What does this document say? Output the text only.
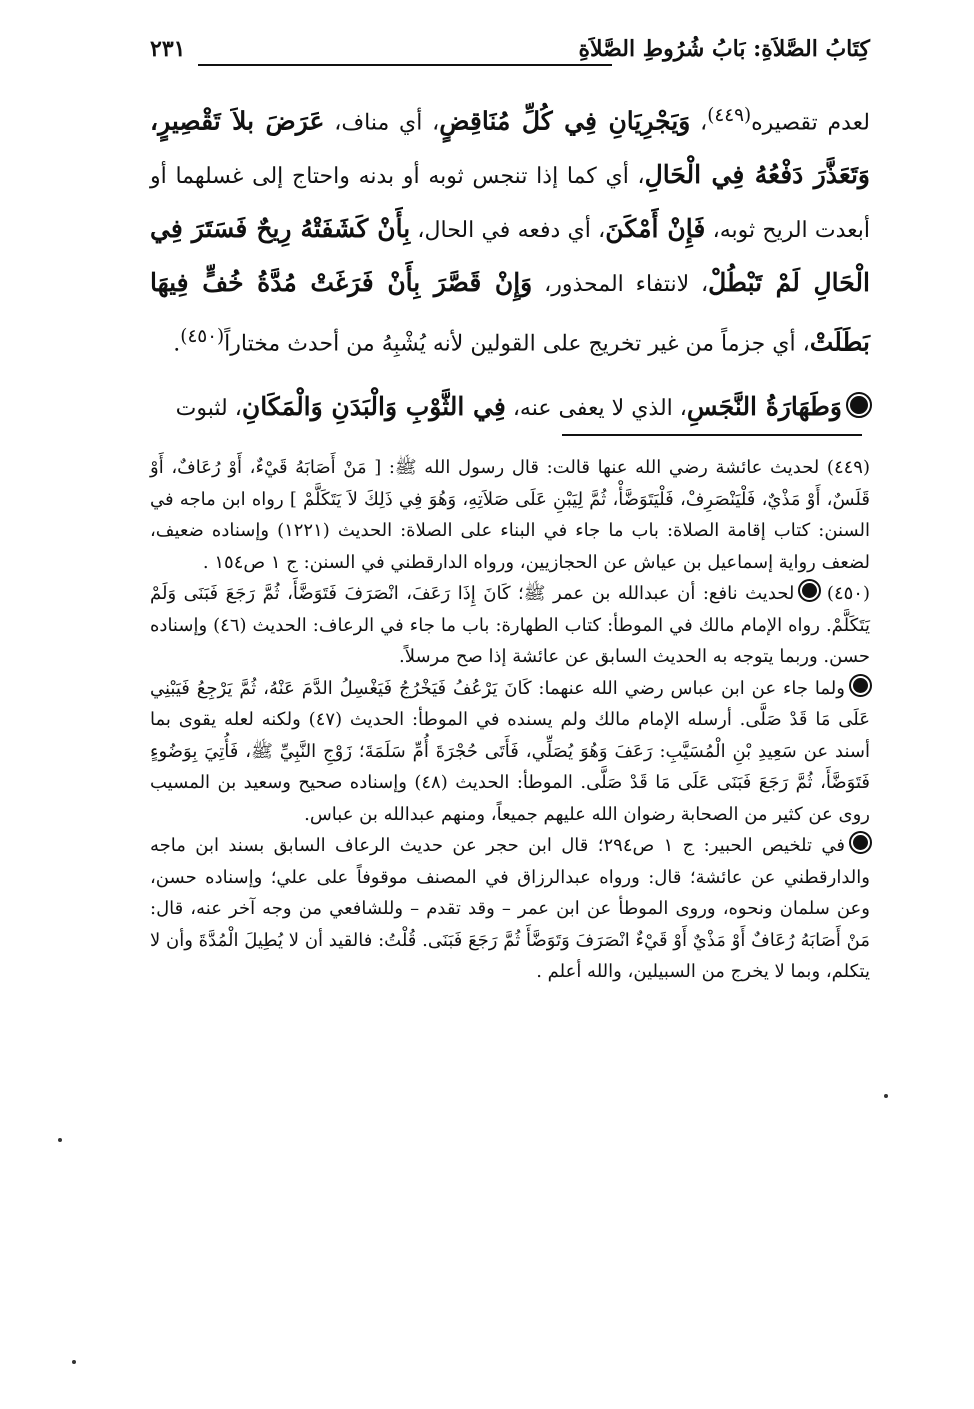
كِتَابُ الصَّلاَةِ: بَابُ شُرُوطِ الصَّلاَةِ
٢٣١

لعدم تقصيره$^{(٤٤٩)}$، وَيَجْرِيَانِ فِي كُلِّ مُنَاقِضٍ، أي مناف، عَرَضَ بلاَ تَقْصِيرٍ، وَتَعَذَّرَ دَفْعُهُ فِي الْحَالِ، أي كما إذا تنجس ثوبه أو بدنه واحتاج إلى غسلهما أو أبعدت الريح ثوبه، فَإِنْ أَمْكَنَ، أي دفعه في الحال، بِأَنْ كَشَفَتْهُ رِيحٌ فَسَتَرَ فِي الْحَالِ لَمْ تَبْطُلْ، لانتفاء المحذور، وَإِنْ قَصَّرَ بِأَنْ فَرَغَتْ مُدَّةُ خُفٍّ فِيهَا بَطَلَتْ، أي جزماً من غير تخريج على القولين لأنه يُشْبِهُ من أحدث مختاراً$^{(٤٥٠)}$.

وَطَهَارَةُ النَّجَسِ، الذي لا يعفى عنه، فِي الثَّوْبِ وَالْبَدَنِ وَالْمَكَانِ، لثبوت

(٤٤٩) لحديث عائشة رضي الله عنها قالت: قال رسول الله ﷺ: [ مَنْ أَصَابَهُ قَيْءٌ، أَوْ رُعَافٌ، أَوْ قَلَسٌ، أَوْ مَذْيٌ، فَلْيَنْصَرِفْ، فَلْيَتَوَضَّأْ، ثُمَّ لِيَبْنِ عَلَى صَلاَتِهِ، وَهُوَ فِي ذَلِكَ لاَ يَتَكَلَّمْ ] رواه ابن ماجه في السنن: كتاب إقامة الصلاة: باب ما جاء في البناء على الصلاة: الحديث (١٢٢١) وإسناده ضعيف، لضعف رواية إسماعيل بن عياش عن الحجازيين، ورواه الدارقطني في السنن: ج ١ ص١٥٤ .

(٤٥٠) لحديث نافع: أن عبدالله بن عمر ﷺ؛ كَانَ إِذَا رَعَفَ، انْصَرَفَ فَتَوَضَّأَ، ثُمَّ رَجَعَ فَبَنَى وَلَمْ يَتَكَلَّمْ. رواه الإمام مالك في الموطأ: كتاب الطهارة: باب ما جاء في الرعاف: الحديث (٤٦) وإسناده حسن. وربما يتوجه به الحديث السابق عن عائشة إذا صح مرسلاً.

ولما جاء عن ابن عباس رضي الله عنهما: كَانَ يَرْعُفُ فَيَخْرُجُ فَيَغْسِلُ الدَّمَ عَنْهُ، ثُمَّ يَرْجِعُ فَيَبْنِي عَلَى مَا قَدْ صَلَّى. أرسله الإمام مالك ولم يسنده في الموطأ: الحديث (٤٧) ولكنه لعله يقوى بما أسند عن سَعِيدِ بْنِ الْمُسَيَّبِ: رَعَفَ وَهُوَ يُصَلِّي، فَأَتَى حُجْرَةَ أُمِّ سَلَمَةَ؛ زَوْجِ النَّبِيِّ ﷺ، فَأُتِيَ بِوَضُوءٍ فَتَوَضَّأَ، ثُمَّ رَجَعَ فَبَنَى عَلَى مَا قَدْ صَلَّى. الموطأ: الحديث (٤٨) وإسناده صحيح وسعيد بن المسيب روى عن كثير من الصحابة رضوان الله عليهم جميعاً، ومنهم عبدالله بن عباس.

في تلخيص الحبير: ج ١ ص٢٩٤؛ قال ابن حجر عن حديث الرعاف السابق بسند ابن ماجه والدارقطني عن عائشة؛ قال: ورواه عبدالرزاق في المصنف موقوفاً على علي؛ وإسناده حسن، وعن سلمان ونحوه، وروى الموطأ عن ابن عمر – وقد تقدم – وللشافعي من وجه آخر عنه، قال: مَنْ أَصَابَهُ رُعَافٌ أَوْ مَذْيٌ أَوْ قَيْءٌ انْصَرَفَ وَتَوَضَّأَ ثُمَّ رَجَعَ فَبَنَى. قُلْتُ: فالقيد أن لا يُطِيلَ الْمُدَّةَ وأن لا يتكلم، وبما لا يخرج من السبيلين، والله أعلم .
